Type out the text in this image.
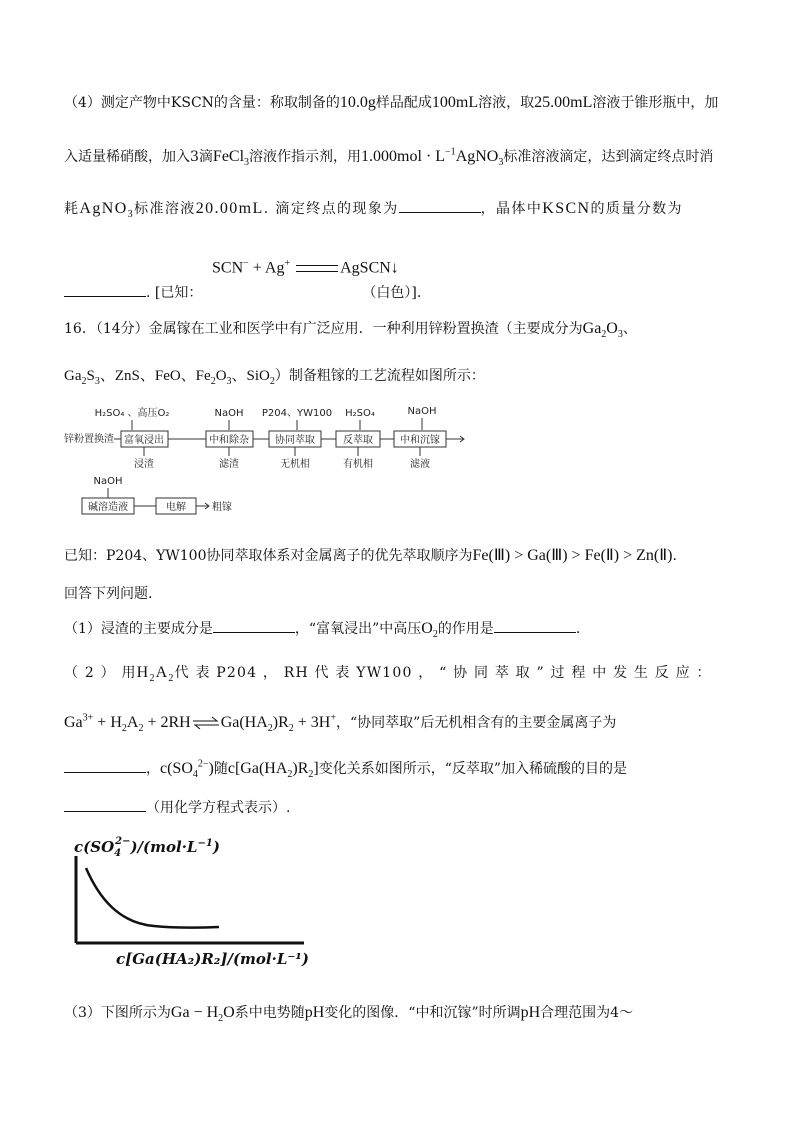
（4）测定产物中KSCN的含量：称取制备的10.0g样品配成100mL溶液，取25.00mL溶液于锥形瓶中，加
入适量稀硝酸，加入3滴FeCl$_3$溶液作指示剂，用$1.000mol \cdot L^{-1}AgNO_3$标准溶液滴定，达到滴定终点时消
耗AgNO$_3$标准溶液20.00mL. 滴定终点的现象为	，晶体中KSCN的质量分数为
SCN− + Ag+	AgSCN↓
. [已知：	（白色）].
16．（14分）金属镓在工业和医学中有广泛应用．一种利用锌粉置换渣（主要成分为$Ga_2O_3$、
$Ga_2S_3$、ZnS、FeO、$Fe_2O_3$、SiO$_2$）制备粗镓的工艺流程如图所示：
H₂SO₄ 、高压O₂	NaOH P204、YW100 H₂SO₄	NaOH
锌粉置换渣 富氧浸出	中和除杂	协同萃取	反萃取	中和沉镓
浸渣	滤渣	无机相	有机相	滤液
NaOH
碱溶造液	电解	粗镓
已知：P204、YW100协同萃取体系对金属离子的优先萃取顺序为Fe(Ⅲ) > Ga(Ⅲ) > Fe(Ⅱ) > Zn(Ⅱ).
回答下列问题.
（1）浸渣的主要成分是	，“富氧浸出”中高压$O_2$的作用是	.
（ 2 ） 用$H_2A_2$代 表 P204 ， RH 代 表 YW100 ， “ 协 同 萃 取 ” 过 程 中 发 生 反 应 ：
$Ga^{3+} + H_2A_2$ + $2RH\rightleftharpoons Ga(HA_2)R_2 + 3H^+$，“协同萃取”后无机相含有的主要金属离子为
，$c(SO_4^{2-})$随$c[Ga(HA_2)R_2]$变化关系如图所示，“反萃取”加入稀硫酸的目的是
（用化学方程式表示）.
$c(SO_42-)/(mol\cdot L^{-1})$
c[Ga(HA₂)R₂]/(mol·L⁻¹)
（3）下图所示为$Ga - H_2O$系中电势随pH变化的图像．“中和沉镓”时所调pH合理范围为4～
